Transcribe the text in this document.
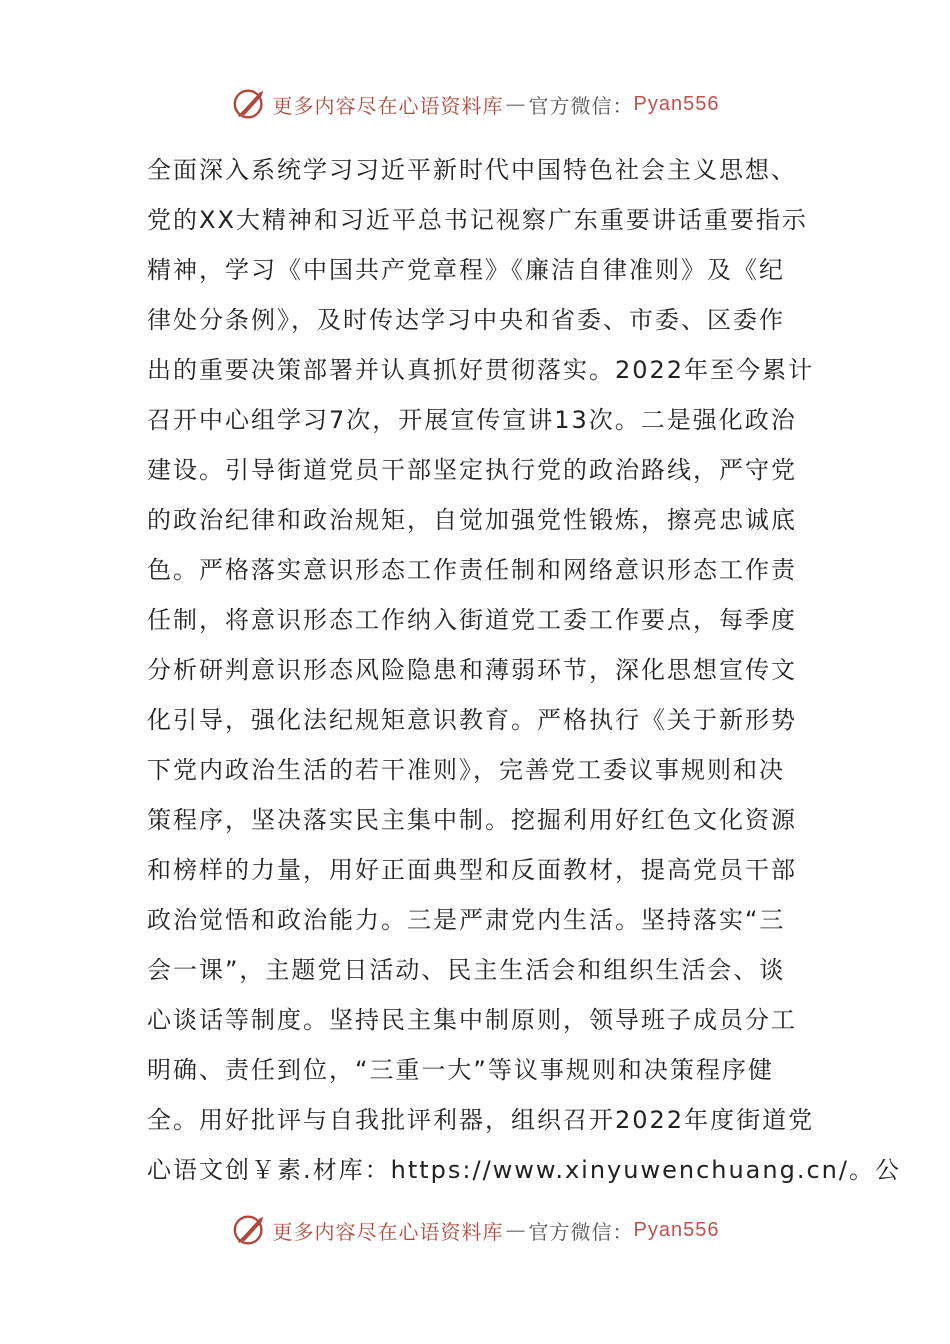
更多内容尽在心语资料库 — 官方微信： Pyan556
全面深入系统学习习近平新时代中国特色社会主义思想、
党的XX大精神和习近平总书记视察广东重要讲话重要指示
精神，学习《中国共产党章程》《廉洁自律准则》及《纪
律处分条例》，及时传达学习中央和省委、市委、区委作
出的重要决策部署并认真抓好贯彻落实。2022年至今累计
召开中心组学习7次，开展宣传宣讲13次。二是强化政治
建设。引导街道党员干部坚定执行党的政治路线，严守党
的政治纪律和政治规矩，自觉加强党性锻炼，擦亮忠诚底
色。严格落实意识形态工作责任制和网络意识形态工作责
任制，将意识形态工作纳入街道党工委工作要点，每季度
分析研判意识形态风险隐患和薄弱环节，深化思想宣传文
化引导，强化法纪规矩意识教育。严格执行《关于新形势
下党内政治生活的若干准则》，完善党工委议事规则和决
策程序，坚决落实民主集中制。挖掘利用好红色文化资源
和榜样的力量，用好正面典型和反面教材，提高党员干部
政治觉悟和政治能力。三是严肃党内生活。坚持落实“三
会一课”，主题党日活动、民主生活会和组织生活会、谈
心谈话等制度。坚持民主集中制原则，领导班子成员分工
明确、责任到位，“三重一大”等议事规则和决策程序健
全。用好批评与自我批评利器，组织召开2022年度街道党
心语文创￥素.材库：https://www.xinyuwenchuang.cn/。公
更多内容尽在心语资料库 — 官方微信： Pyan556
